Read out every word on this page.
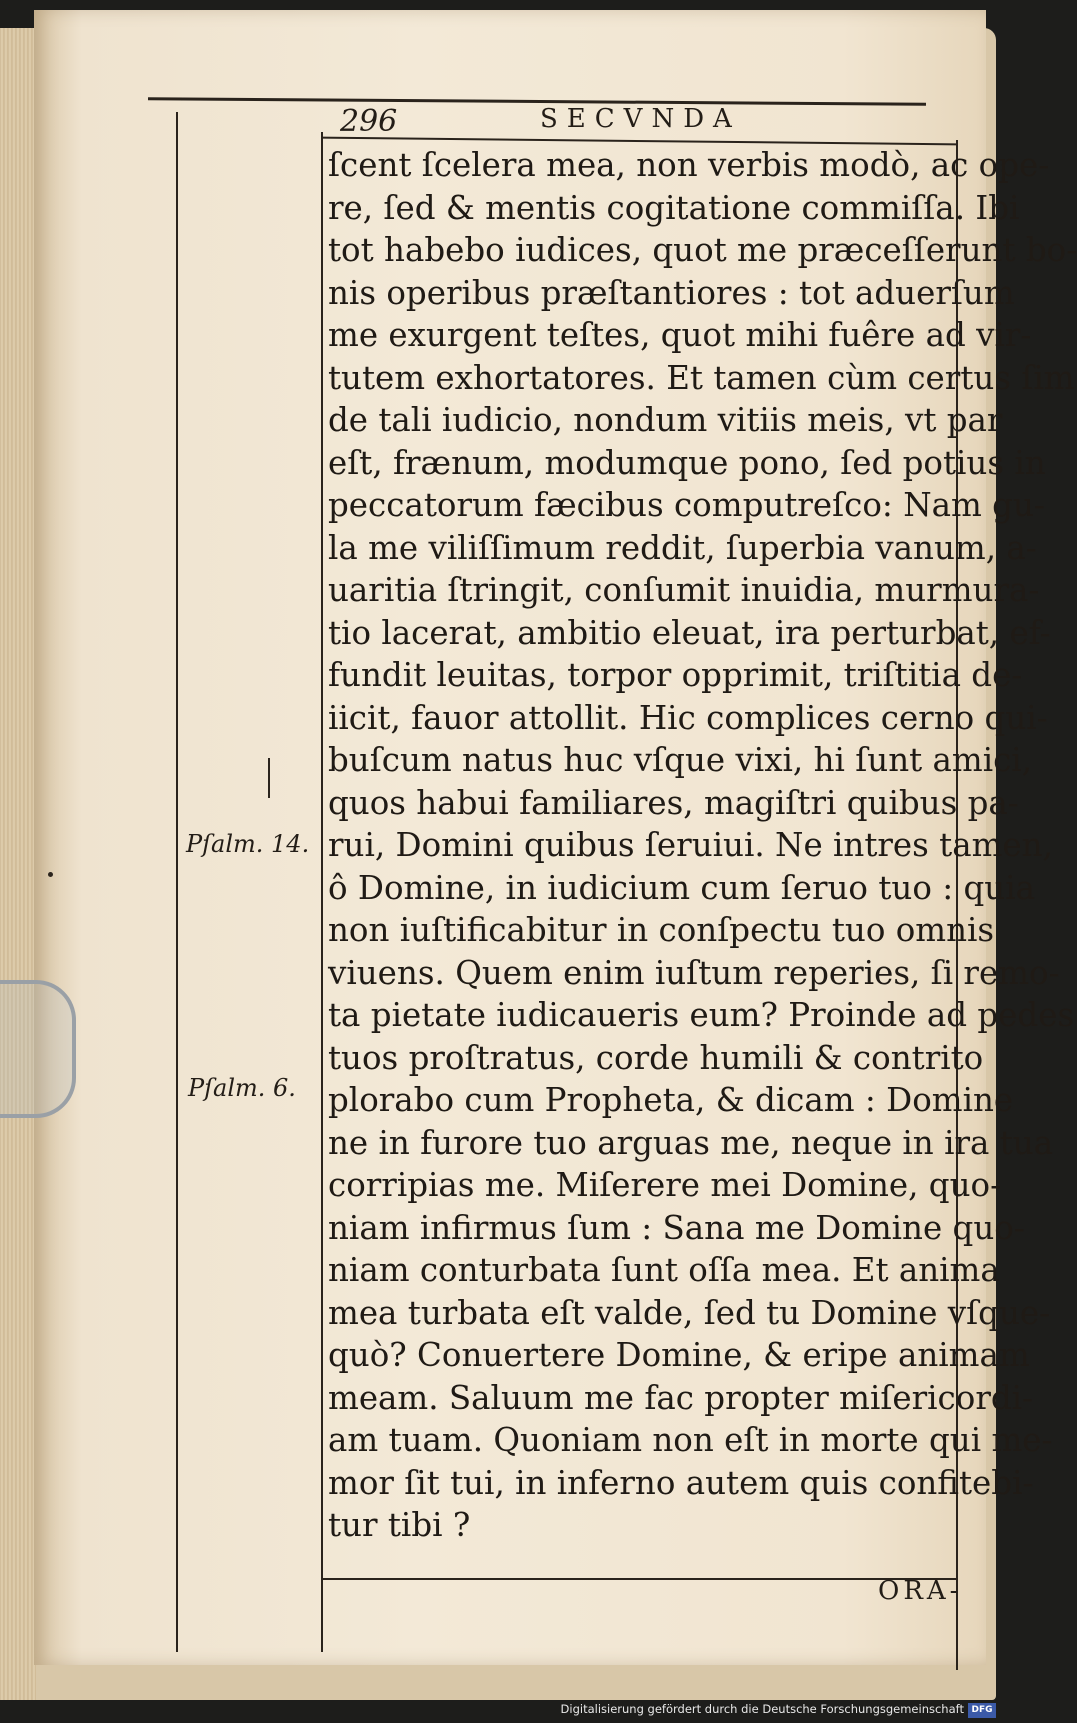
296	SECVNDA
ſcent ſcelera mea, non verbis modò, ac ope-
re, ſed & mentis cogitatione commiſſa. Ibi
tot habebo iudices, quot me præceſſerunt bo-
nis operibus præſtantiores : tot aduerſum
me exurgent teſtes, quot mihi fuêre ad vir-
tutem exhortatores. Et tamen cùm certus ſim
de tali iudicio, nondum vitiis meis, vt par
eſt, frænum, modumque pono, ſed potius in
peccatorum fæcibus computreſco: Nam gu-
la me viliſſimum reddit, ſuperbia vanum, a-
uaritia ſtringit, conſumit inuidia, murmura-
tio lacerat, ambitio eleuat, ira perturbat, ef-
fundit leuitas, torpor opprimit, triſtitia de-
iicit, fauor attollit. Hic complices cerno qui-
buſcum natus huc vſque vixi, hi ſunt amici,
quos habui familiares, magiſtri quibus pa-
rui, Domini quibus ſeruiui. Ne intres tamen,
ô Domine, in iudicium cum ſeruo tuo : quia
non iuſtificabitur in conſpectu tuo omnis
viuens. Quem enim iuſtum reperies, ſi remo-
ta pietate iudicaueris eum? Proinde ad pedes
tuos proſtratus, corde humili & contrito
plorabo cum Propheta, & dicam : Domine
ne in furore tuo arguas me, neque in ira tua
corripias me. Miſerere mei Domine, quo-
niam infirmus ſum : Sana me Domine quo-
niam conturbata ſunt oſſa mea. Et anima
mea turbata eſt valde, ſed tu Domine vſque-
quò? Conuertere Domine, & eripe animam
meam. Saluum me fac propter miſericordi-
am tuam. Quoniam non eſt in morte qui me-
mor ſit tui, in inferno autem quis confitebi-
tur tibi ?
Pſalm. 14.
Pſalm. 6.
ORA-
Digitalisierung gefördert durch die Deutsche Forschungsgemeinschaft DFG
